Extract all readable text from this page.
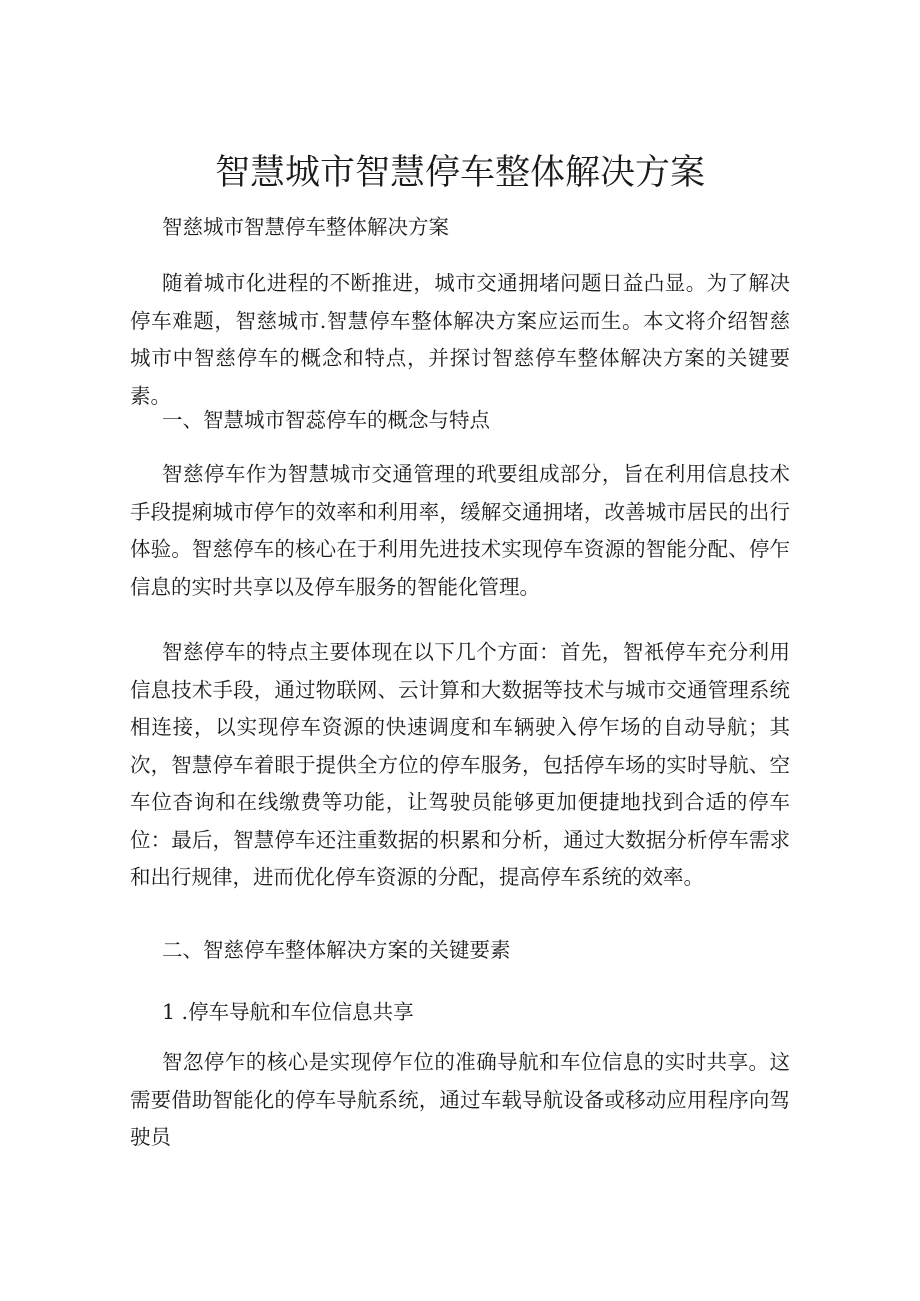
智慧城市智慧停车整体解决方案

智慈城市智慧停车整体解决方案

随着城市化进程的不断推进，城市交通拥堵问题日益凸显。为了解决停车难题，智慈城市.智慧停车整体解决方案应运而生。本文将介绍智慈城市中智慈停车的概念和特点，并探讨智慈停车整体解决方案的关键要素。

一、智慧城市智蕊停车的概念与特点

智慈停车作为智慧城市交通管理的玳要组成部分，旨在利用信息技术手段提痢城市停乍的效率和利用率，缓解交通拥堵，改善城市居民的出行体验。智慈停车的核心在于利用先进技术实现停车资源的智能分配、停乍信息的实时共享以及停车服务的智能化管理。

智慈停车的特点主要体现在以下几个方面：首先，智衹停车充分利用信息技术手段，通过物联网、云计算和大数据等技术与城市交通管理系统相连接，以实现停车资源的快速调度和车辆驶入停乍场的自动导航；其次，智慧停车着眼于提供全方位的停车服务，包括停车场的实时导航、空车位杳询和在线缴费等功能，让驾驶员能够更加便捷地找到合适的停车位：最后，智慧停车还注重数据的枳累和分析，通过大数据分析停车需求和出行规律，进而优化停车资源的分配，提高停车系统的效率。

二、智慈停车整体解决方案的关键要素

1 .停车导航和车位信息共享

智忽停乍的核心是实现停乍位的准确导航和车位信息的实时共享。这需要借助智能化的停车导航系统，通过车载导航设备或移动应用程序向驾驶员
